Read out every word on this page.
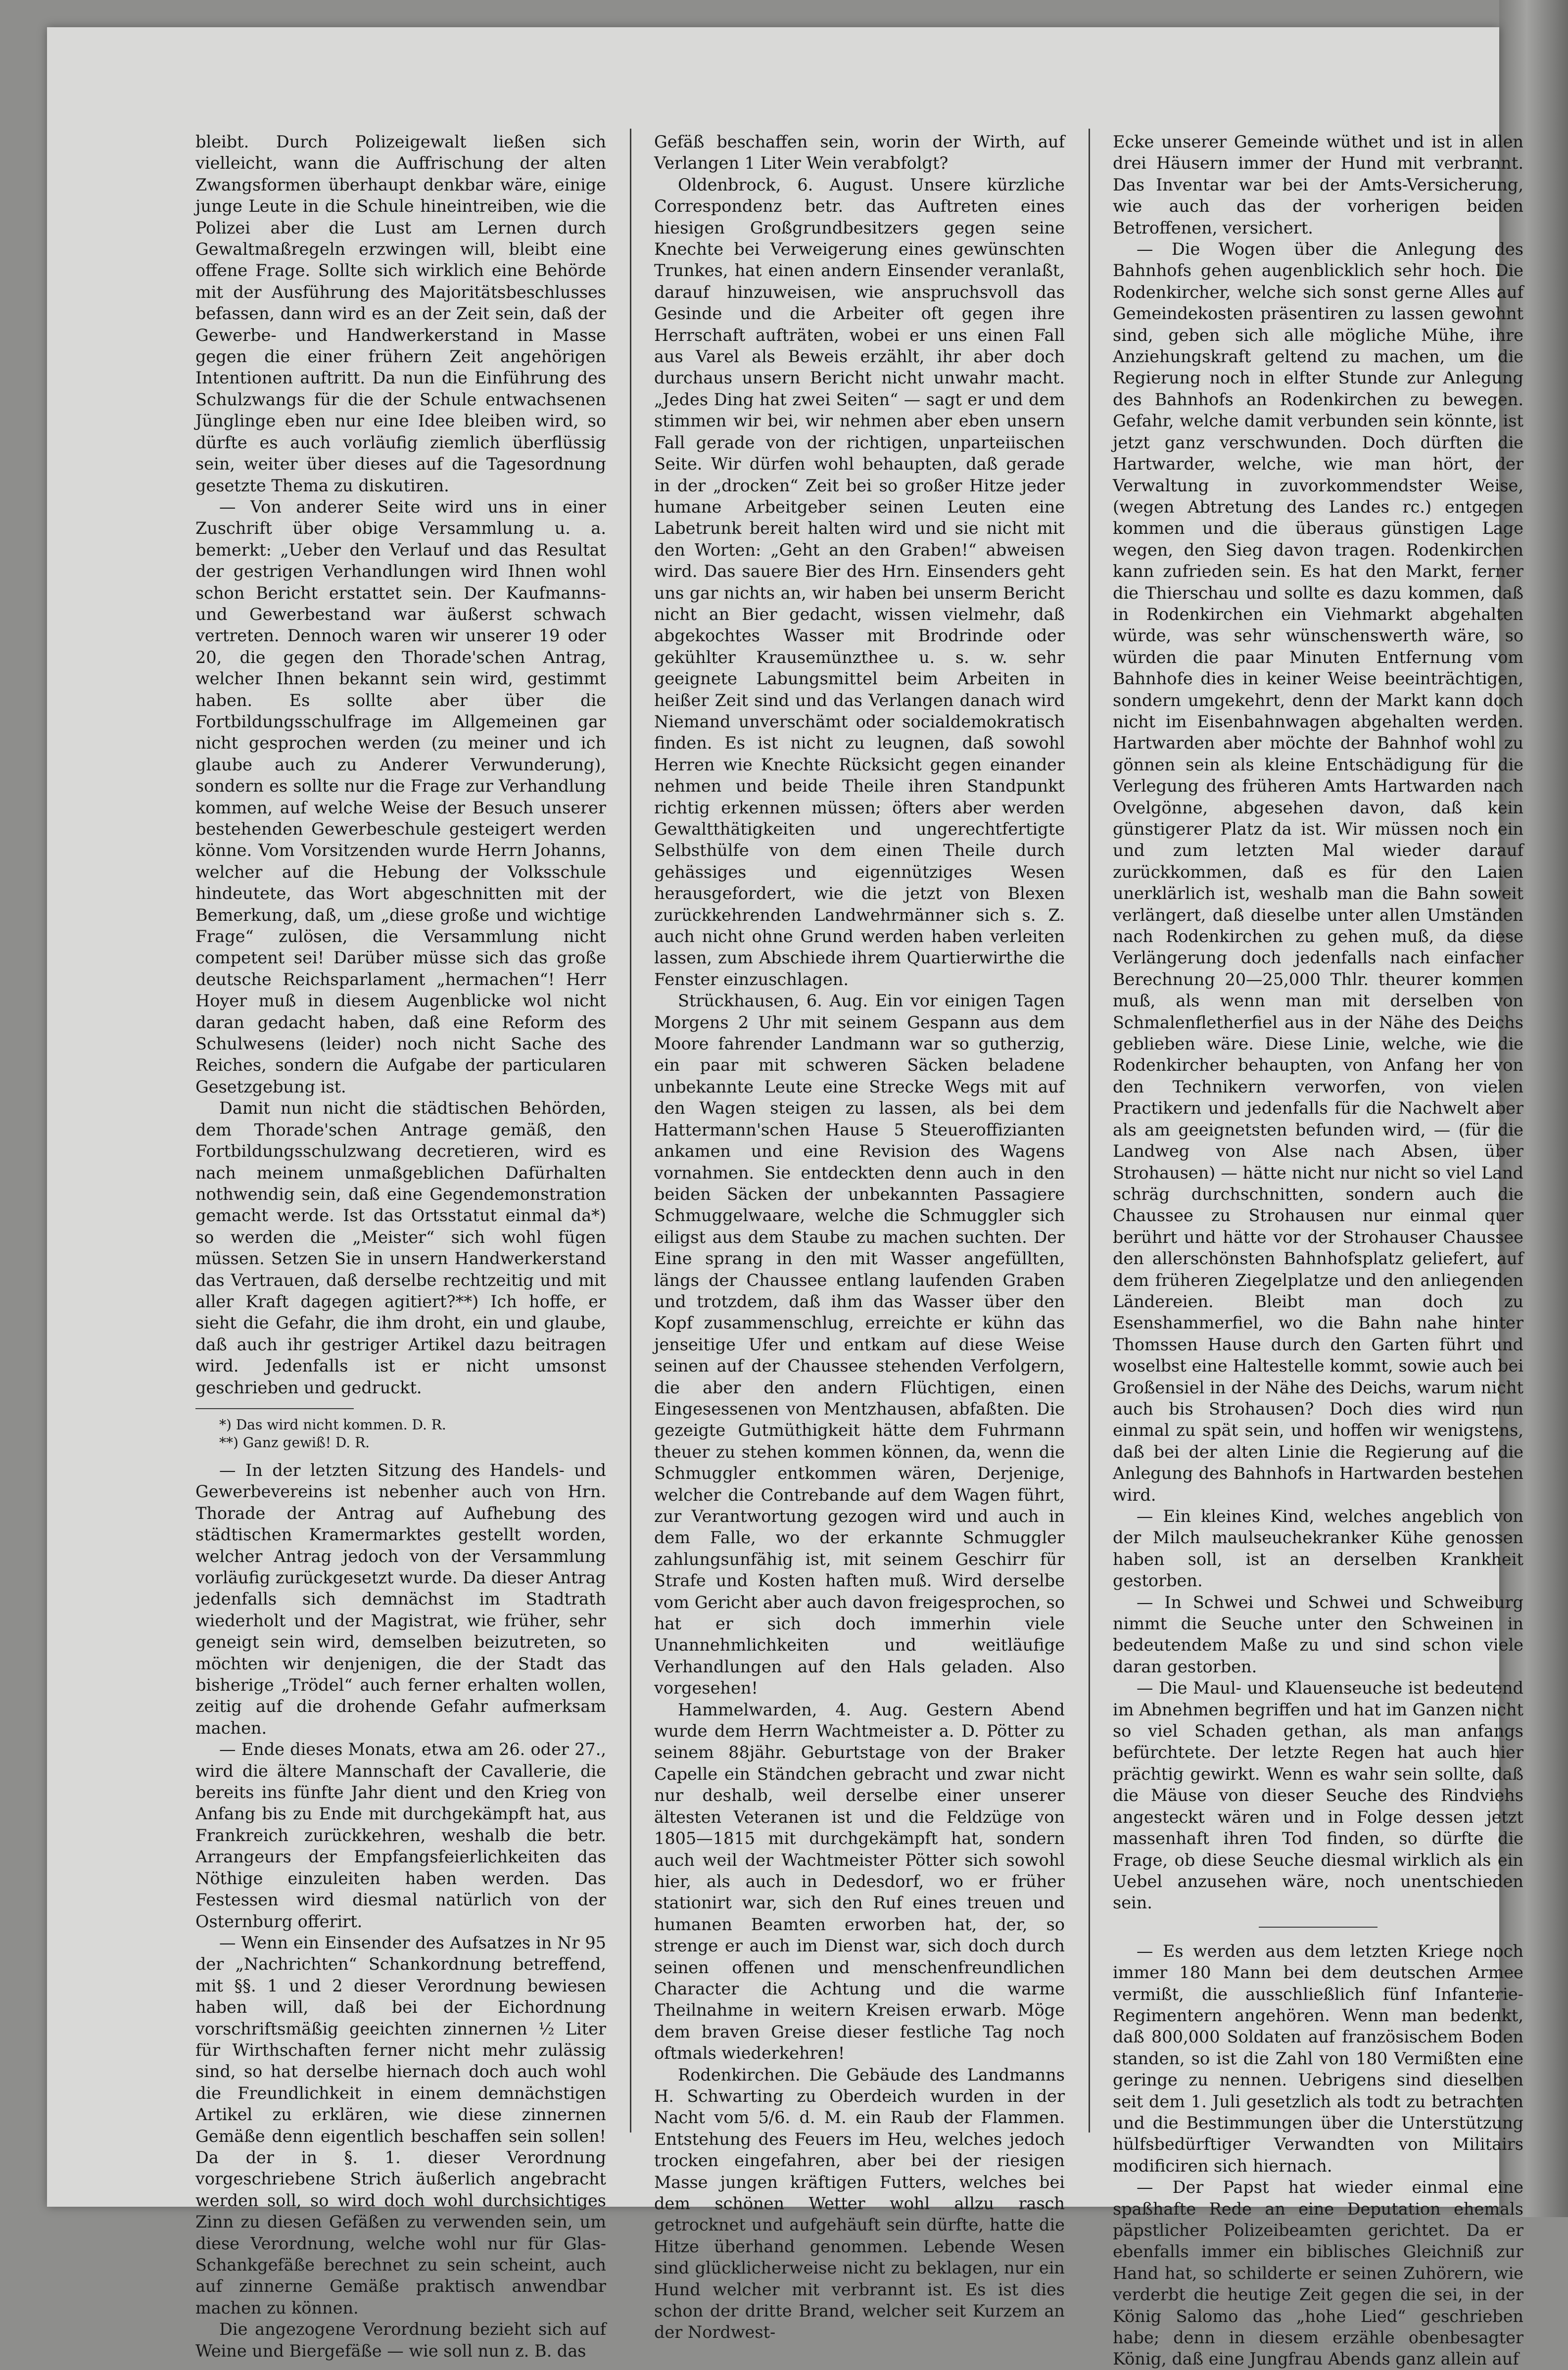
bleibt. Durch Polizeigewalt ließen sich vielleicht, wann die Auffrischung der alten Zwangsformen überhaupt denkbar wäre, einige junge Leute in die Schule hineintreiben, wie die Polizei aber die Lust am Lernen durch Gewaltmaßregeln erzwingen will, bleibt eine offene Frage. Sollte sich wirklich eine Behörde mit der Ausführung des Majoritätsbeschlusses befassen, dann wird es an der Zeit sein, daß der Gewerbe- und Handwerkerstand in Masse gegen die einer frühern Zeit angehörigen Intentionen auftritt. Da nun die Einführung des Schulzwangs für die der Schule entwachsenen Jünglinge eben nur eine Idee bleiben wird, so dürfte es auch vorläufig ziemlich überflüssig sein, weiter über dieses auf die Tagesordnung gesetzte Thema zu diskutiren.

— Von anderer Seite wird uns in einer Zuschrift über obige Versammlung u. a. bemerkt: „Ueber den Verlauf und das Resultat der gestrigen Verhandlungen wird Ihnen wohl schon Bericht erstattet sein. Der Kaufmanns- und Gewerbestand war äußerst schwach vertreten. Dennoch waren wir unserer 19 oder 20, die gegen den Thorade'schen Antrag, welcher Ihnen bekannt sein wird, gestimmt haben. Es sollte aber über die Fortbildungsschulfrage im Allgemeinen gar nicht gesprochen werden (zu meiner und ich glaube auch zu Anderer Verwunderung), sondern es sollte nur die Frage zur Verhandlung kommen, auf welche Weise der Besuch unserer bestehenden Gewerbeschule gesteigert werden könne. Vom Vorsitzenden wurde Herrn Johanns, welcher auf die Hebung der Volksschule hindeutete, das Wort abgeschnitten mit der Bemerkung, daß, um „diese große und wichtige Frage“ zulösen, die Versammlung nicht competent sei! Darüber müsse sich das große deutsche Reichsparlament „hermachen“! Herr Hoyer muß in diesem Augenblicke wol nicht daran gedacht haben, daß eine Reform des Schulwesens (leider) noch nicht Sache des Reiches, sondern die Aufgabe der particularen Gesetzgebung ist.

Damit nun nicht die städtischen Behörden, dem Thorade'schen Antrage gemäß, den Fortbildungsschulzwang decretieren, wird es nach meinem unmaßgeblichen Dafürhalten nothwendig sein, daß eine Gegendemonstration gemacht werde. Ist das Ortsstatut einmal da*) so werden die „Meister“ sich wohl fügen müssen. Setzen Sie in unsern Handwerkerstand das Vertrauen, daß derselbe rechtzeitig und mit aller Kraft dagegen agitiert?**) Ich hoffe, er sieht die Gefahr, die ihm droht, ein und glaube, daß auch ihr gestriger Artikel dazu beitragen wird. Jedenfalls ist er nicht umsonst geschrieben und gedruckt.

*) Das wird nicht kommen. D. R.

**) Ganz gewiß! D. R.

— In der letzten Sitzung des Handels- und Gewerbevereins ist nebenher auch von Hrn. Thorade der Antrag auf Aufhebung des städtischen Kramermarktes gestellt worden, welcher Antrag jedoch von der Versammlung vorläufig zurückgesetzt wurde. Da dieser Antrag jedenfalls sich demnächst im Stadtrath wiederholt und der Magistrat, wie früher, sehr geneigt sein wird, demselben beizutreten, so möchten wir denjenigen, die der Stadt das bisherige „Trödel“ auch ferner erhalten wollen, zeitig auf die drohende Gefahr aufmerksam machen.

— Ende dieses Monats, etwa am 26. oder 27., wird die ältere Mannschaft der Cavallerie, die bereits ins fünfte Jahr dient und den Krieg von Anfang bis zu Ende mit durchgekämpft hat, aus Frankreich zurückkehren, weshalb die betr. Arrangeurs der Empfangsfeierlichkeiten das Nöthige einzuleiten haben werden. Das Festessen wird diesmal natürlich von der Osternburg offerirt.

— Wenn ein Einsender des Aufsatzes in Nr 95 der „Nachrichten“ Schankordnung betreffend, mit §§. 1 und 2 dieser Verordnung bewiesen haben will, daß bei der Eichordnung vorschriftsmäßig geeichten zinnernen ½ Liter für Wirthschaften ferner nicht mehr zulässig sind, so hat derselbe hiernach doch auch wohl die Freundlichkeit in einem demnächstigen Artikel zu erklären, wie diese zinnernen Gemäße denn eigentlich beschaffen sein sollen! Da der in §. 1. dieser Verordnung vorgeschriebene Strich äußerlich angebracht werden soll, so wird doch wohl durchsichtiges Zinn zu diesen Gefäßen zu verwenden sein, um diese Verordnung, welche wohl nur für Glas-Schankgefäße berechnet zu sein scheint, auch auf zinnerne Gemäße praktisch anwendbar machen zu können.

Die angezogene Verordnung bezieht sich auf Weine und Biergefäße — wie soll nun z. B. das

Gefäß beschaffen sein, worin der Wirth, auf Verlangen 1 Liter Wein verabfolgt?

Oldenbrock, 6. August. Unsere kürzliche Correspondenz betr. das Auftreten eines hiesigen Großgrundbesitzers gegen seine Knechte bei Verweigerung eines gewünschten Trunkes, hat einen andern Einsender veranlaßt, darauf hinzuweisen, wie anspruchsvoll das Gesinde und die Arbeiter oft gegen ihre Herrschaft aufträten, wobei er uns einen Fall aus Varel als Beweis erzählt, ihr aber doch durchaus unsern Bericht nicht unwahr macht. „Jedes Ding hat zwei Seiten“ — sagt er und dem stimmen wir bei, wir nehmen aber eben unsern Fall gerade von der richtigen, unparteiischen Seite. Wir dürfen wohl behaupten, daß gerade in der „drocken“ Zeit bei so großer Hitze jeder humane Arbeitgeber seinen Leuten eine Labetrunk bereit halten wird und sie nicht mit den Worten: „Geht an den Graben!“ abweisen wird. Das sauere Bier des Hrn. Einsenders geht uns gar nichts an, wir haben bei unserm Bericht nicht an Bier gedacht, wissen vielmehr, daß abgekochtes Wasser mit Brodrinde oder gekühlter Krausemünzthee u. s. w. sehr geeignete Labungsmittel beim Arbeiten in heißer Zeit sind und das Verlangen danach wird Niemand unverschämt oder socialdemokratisch finden. Es ist nicht zu leugnen, daß sowohl Herren wie Knechte Rücksicht gegen einander nehmen und beide Theile ihren Standpunkt richtig erkennen müssen; öfters aber werden Gewaltthätigkeiten und ungerechtfertigte Selbsthülfe von dem einen Theile durch gehässiges und eigennütziges Wesen herausgefordert, wie die jetzt von Blexen zurückkehrenden Landwehrmänner sich s. Z. auch nicht ohne Grund werden haben verleiten lassen, zum Abschiede ihrem Quartierwirthe die Fenster einzuschlagen.

Strückhausen, 6. Aug. Ein vor einigen Tagen Morgens 2 Uhr mit seinem Gespann aus dem Moore fahrender Landmann war so gutherzig, ein paar mit schweren Säcken beladene unbekannte Leute eine Strecke Wegs mit auf den Wagen steigen zu lassen, als bei dem Hattermann'schen Hause 5 Steueroffizianten ankamen und eine Revision des Wagens vornahmen. Sie entdeckten denn auch in den beiden Säcken der unbekannten Passagiere Schmuggelwaare, welche die Schmuggler sich eiligst aus dem Staube zu machen suchten. Der Eine sprang in den mit Wasser angefüllten, längs der Chaussee entlang laufenden Graben und trotzdem, daß ihm das Wasser über den Kopf zusammenschlug, erreichte er kühn das jenseitige Ufer und entkam auf diese Weise seinen auf der Chaussee stehenden Verfolgern, die aber den andern Flüchtigen, einen Eingesessenen von Mentzhausen, abfaßten. Die gezeigte Gutmüthigkeit hätte dem Fuhrmann theuer zu stehen kommen können, da, wenn die Schmuggler entkommen wären, Derjenige, welcher die Contrebande auf dem Wagen führt, zur Verantwortung gezogen wird und auch in dem Falle, wo der erkannte Schmuggler zahlungsunfähig ist, mit seinem Geschirr für Strafe und Kosten haften muß. Wird derselbe vom Gericht aber auch davon freigesprochen, so hat er sich doch immerhin viele Unannehmlichkeiten und weitläufige Verhandlungen auf den Hals geladen. Also vorgesehen!

Hammelwarden, 4. Aug. Gestern Abend wurde dem Herrn Wachtmeister a. D. Pötter zu seinem 88jähr. Geburtstage von der Braker Capelle ein Ständchen gebracht und zwar nicht nur deshalb, weil derselbe einer unserer ältesten Veteranen ist und die Feldzüge von 1805—1815 mit durchgekämpft hat, sondern auch weil der Wachtmeister Pötter sich sowohl hier, als auch in Dedesdorf, wo er früher stationirt war, sich den Ruf eines treuen und humanen Beamten erworben hat, der, so strenge er auch im Dienst war, sich doch durch seinen offenen und menschenfreundlichen Character die Achtung und die warme Theilnahme in weitern Kreisen erwarb. Möge dem braven Greise dieser festliche Tag noch oftmals wiederkehren!

Rodenkirchen. Die Gebäude des Landmanns H. Schwarting zu Oberdeich wurden in der Nacht vom 5/6. d. M. ein Raub der Flammen. Entstehung des Feuers im Heu, welches jedoch trocken eingefahren, aber bei der riesigen Masse jungen kräftigen Futters, welches bei dem schönen Wetter wohl allzu rasch getrocknet und aufgehäuft sein dürfte, hatte die Hitze überhand genommen. Lebende Wesen sind glücklicherweise nicht zu beklagen, nur ein Hund welcher mit verbrannt ist. Es ist dies schon der dritte Brand, welcher seit Kurzem an der Nordwest-

Ecke unserer Gemeinde wüthet und ist in allen drei Häusern immer der Hund mit verbrannt. Das Inventar war bei der Amts-Versicherung, wie auch das der vorherigen beiden Betroffenen, versichert.

— Die Wogen über die Anlegung des Bahnhofs gehen augenblicklich sehr hoch. Die Rodenkircher, welche sich sonst gerne Alles auf Gemeindekosten präsentiren zu lassen gewohnt sind, geben sich alle mögliche Mühe, ihre Anziehungskraft geltend zu machen, um die Regierung noch in elfter Stunde zur Anlegung des Bahnhofs an Rodenkirchen zu bewegen. Gefahr, welche damit verbunden sein könnte, ist jetzt ganz verschwunden. Doch dürften die Hartwarder, welche, wie man hört, der Verwaltung in zuvorkommendster Weise, (wegen Abtretung des Landes rc.) entgegen kommen und die überaus günstigen Lage wegen, den Sieg davon tragen. Rodenkirchen kann zufrieden sein. Es hat den Markt, ferner die Thierschau und sollte es dazu kommen, daß in Rodenkirchen ein Viehmarkt abgehalten würde, was sehr wünschenswerth wäre, so würden die paar Minuten Entfernung vom Bahnhofe dies in keiner Weise beeinträchtigen, sondern umgekehrt, denn der Markt kann doch nicht im Eisenbahnwagen abgehalten werden. Hartwarden aber möchte der Bahnhof wohl zu gönnen sein als kleine Entschädigung für die Verlegung des früheren Amts Hartwarden nach Ovelgönne, abgesehen davon, daß kein günstigerer Platz da ist. Wir müssen noch ein und zum letzten Mal wieder darauf zurückkommen, daß es für den Laien unerklärlich ist, weshalb man die Bahn soweit verlängert, daß dieselbe unter allen Umständen nach Rodenkirchen zu gehen muß, da diese Verlängerung doch jedenfalls nach einfacher Berechnung 20—25,000 Thlr. theurer kommen muß, als wenn man mit derselben von Schmalenfletherfiel aus in der Nähe des Deichs geblieben wäre. Diese Linie, welche, wie die Rodenkircher behaupten, von Anfang her von den Technikern verworfen, von vielen Practikern und jedenfalls für die Nachwelt aber als am geeignetsten befunden wird, — (für die Landweg von Alse nach Absen, über Strohausen) — hätte nicht nur nicht so viel Land schräg durchschnitten, sondern auch die Chaussee zu Strohausen nur einmal quer berührt und hätte vor der Strohauser Chaussee den allerschönsten Bahnhofsplatz geliefert, auf dem früheren Ziegelplatze und den anliegenden Ländereien. Bleibt man doch zu Esenshammerfiel, wo die Bahn nahe hinter Thomssen Hause durch den Garten führt und woselbst eine Haltestelle kommt, sowie auch bei Großensiel in der Nähe des Deichs, warum nicht auch bis Strohausen? Doch dies wird nun einmal zu spät sein, und hoffen wir wenigstens, daß bei der alten Linie die Regierung auf die Anlegung des Bahnhofs in Hartwarden bestehen wird.

— Ein kleines Kind, welches angeblich von der Milch maulseuchekranker Kühe genossen haben soll, ist an derselben Krankheit gestorben.

— In Schwei und Schwei und Schweiburg nimmt die Seuche unter den Schweinen in bedeutendem Maße zu und sind schon viele daran gestorben.

— Die Maul- und Klauenseuche ist bedeutend im Abnehmen begriffen und hat im Ganzen nicht so viel Schaden gethan, als man anfangs befürchtete. Der letzte Regen hat auch hier prächtig gewirkt. Wenn es wahr sein sollte, daß die Mäuse von dieser Seuche des Rindviehs angesteckt wären und in Folge dessen jetzt massenhaft ihren Tod finden, so dürfte die Frage, ob diese Seuche diesmal wirklich als ein Uebel anzusehen wäre, noch unentschieden sein.

— Es werden aus dem letzten Kriege noch immer 180 Mann bei dem deutschen Armee vermißt, die ausschließlich fünf Infanterie-Regimentern angehören. Wenn man bedenkt, daß 800,000 Soldaten auf französischem Boden standen, so ist die Zahl von 180 Vermißten eine geringe zu nennen. Uebrigens sind dieselben seit dem 1. Juli gesetzlich als todt zu betrachten und die Bestimmungen über die Unterstützung hülfsbedürftiger Verwandten von Militairs modificiren sich hiernach.

— Der Papst hat wieder einmal eine spaßhafte Rede an eine Deputation ehemals päpstlicher Polizeibeamten gerichtet. Da er ebenfalls immer ein biblisches Gleichniß zur Hand hat, so schilderte er seinen Zuhörern, wie verderbt die heutige Zeit gegen die sei, in der König Salomo das „hohe Lied“ geschrieben habe; denn in diesem erzähle obenbesagter König, daß eine Jungfrau Abends ganz allein auf
